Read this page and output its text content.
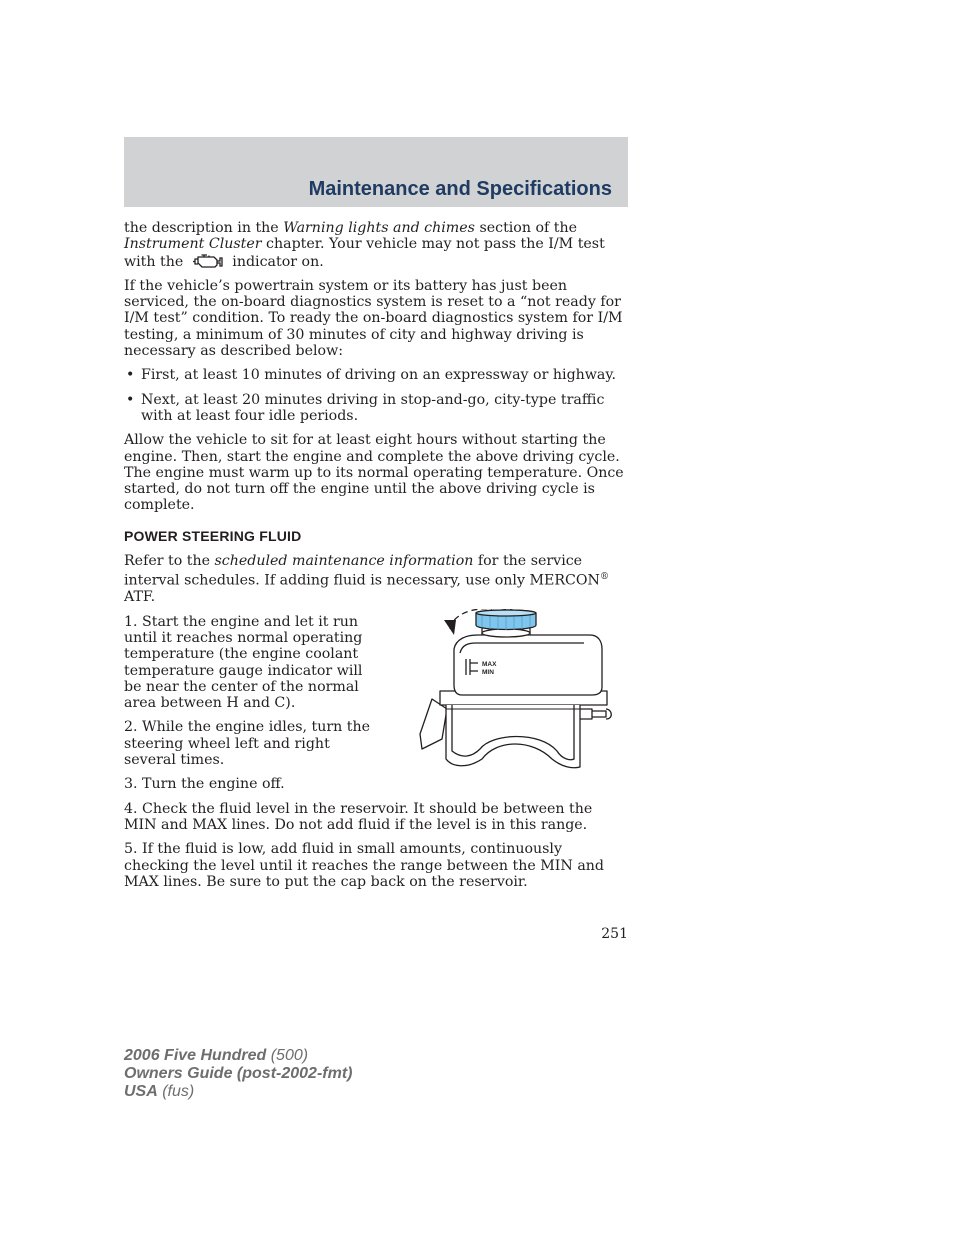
Maintenance and Specifications

the description in the Warning lights and chimes section of the Instrument Cluster chapter. Your vehicle may not pass the I/M test with the	indicator on.

If the vehicle’s powertrain system or its battery has just been serviced, the on-board diagnostics system is reset to a “not ready for I/M test” condition. To ready the on-board diagnostics system for I/M testing, a minimum of 30 minutes of city and highway driving is necessary as described below:

• First, at least 10 minutes of driving on an expressway or highway.
• Next, at least 20 minutes driving in stop-and-go, city-type traffic with at least four idle periods.

Allow the vehicle to sit for at least eight hours without starting the engine. Then, start the engine and complete the above driving cycle. The engine must warm up to its normal operating temperature. Once started, do not turn off the engine until the above driving cycle is complete.

POWER STEERING FLUID

Refer to the scheduled maintenance information for the service interval schedules. If adding fluid is necessary, use only MERCON® ATF.

1. Start the engine and let it run until it reaches normal operating temperature (the engine coolant temperature gauge indicator will be near the center of the normal area between H and C).

2. While the engine idles, turn the steering wheel left and right several times.

3. Turn the engine off.

MAX
MIN

4. Check the fluid level in the reservoir. It should be between the MIN and MAX lines. Do not add fluid if the level is in this range.

5. If the fluid is low, add fluid in small amounts, continuously checking the level until it reaches the range between the MIN and MAX lines. Be sure to put the cap back on the reservoir.

251
2006 Five Hundred (500)
Owners Guide (post-2002-fmt)
USA (fus)
